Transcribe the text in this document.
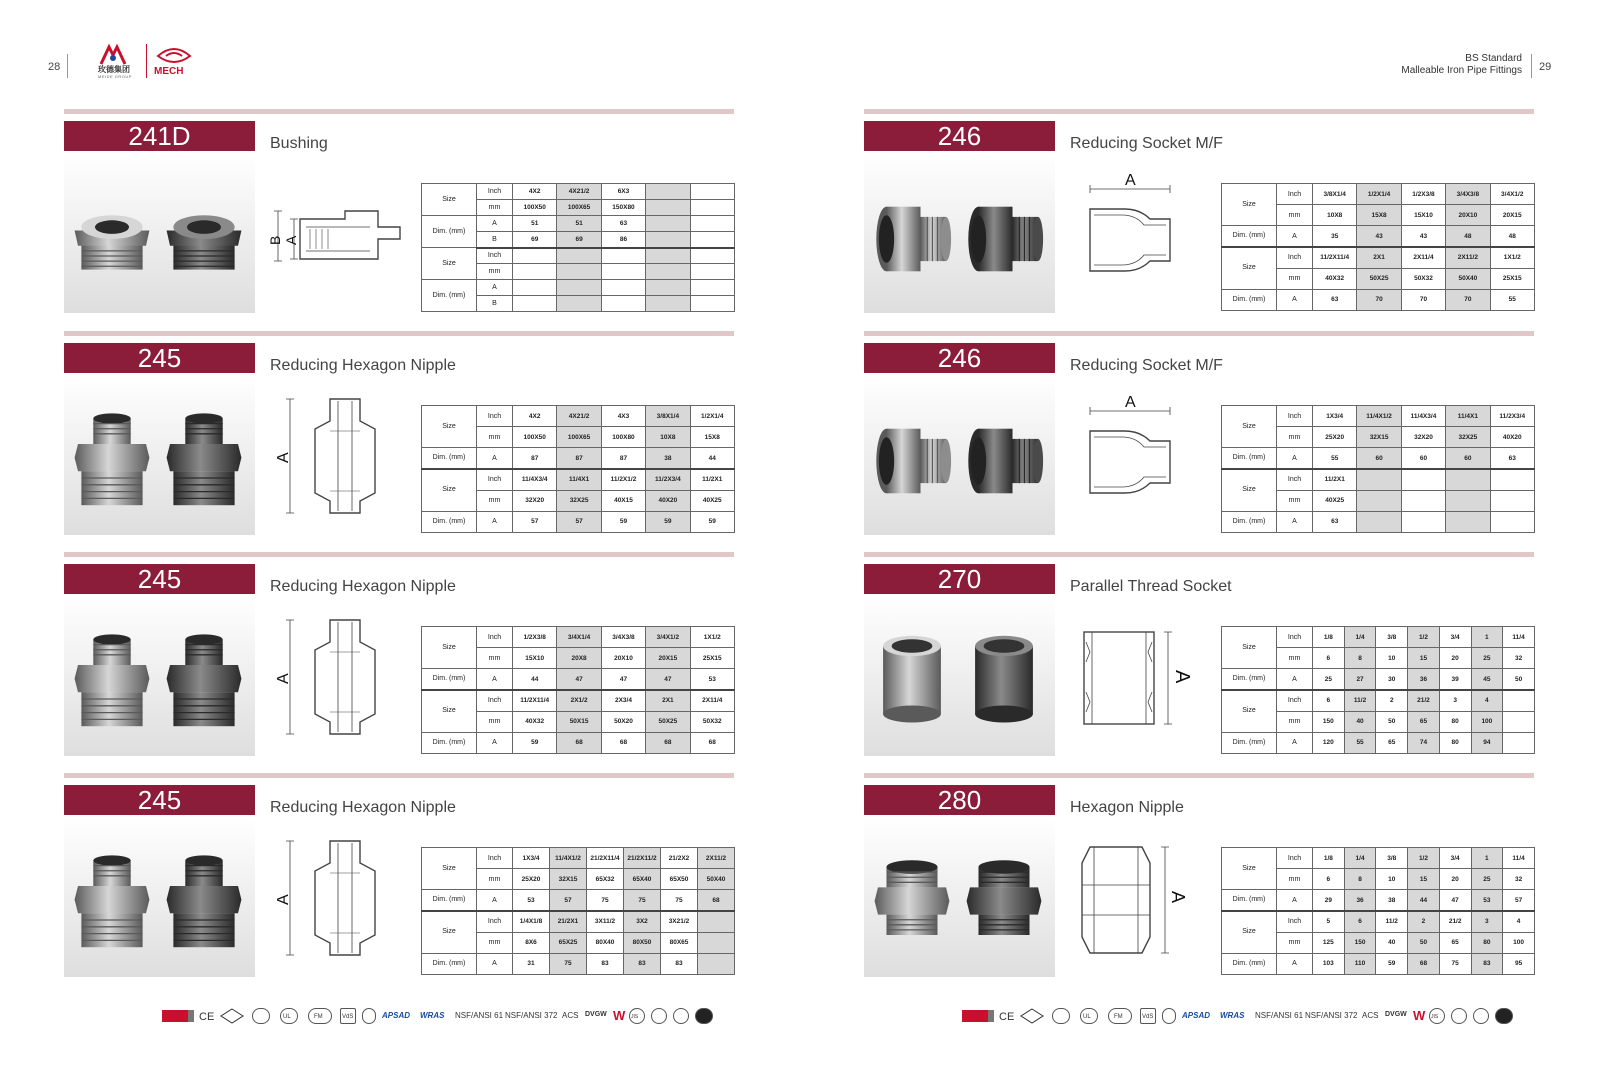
28	玫德集团
MEIDE GROUP MECH
BS Standard
Malleable Iron Pipe Fittings 29
241D	Bushing
B A
Size	Inch	4X2	4X21/2	6X3		
	mm	100X50	100X65	150X80		
Dim. (mm)	A	51	51	63		
	B	69	69	86		
Size	Inch					
	mm					
Dim. (mm)	A					
	B					
245	Reducing Hexagon Nipple
A
Size	Inch	4X2	4X21/2	4X3	3/8X1/4	1/2X1/4
	mm	100X50	100X65	100X80	10X8	15X8
Dim. (mm)	A	87	87	87	38	44
Size	Inch	11/4X3/4	11/4X1	11/2X1/2	11/2X3/4	11/2X1
	mm	32X20	32X25	40X15	40X20	40X25
Dim. (mm)	A	57	57	59	59	59
245	Reducing Hexagon Nipple
A
Size	Inch	1/2X3/8	3/4X1/4	3/4X3/8	3/4X1/2	1X1/2
	mm	15X10	20X8	20X10	20X15	25X15
Dim. (mm)	A	44	47	47	47	53
Size	Inch	11/2X11/4	2X1/2	2X3/4	2X1	2X11/4
	mm	40X32	50X15	50X20	50X25	50X32
Dim. (mm)	A	59	68	68	68	68
245	Reducing Hexagon Nipple
A
Size	Inch	1X3/4	11/4X1/2	21/2X11/4	21/2X11/2	21/2X2	2X11/2
	mm	25X20	32X15	65X32	65X40	65X50	50X40
Dim. (mm)	A	53	57	75	75	75	68
Size	Inch	1/4X1/8	21/2X1	3X11/2	3X2	3X21/2	
	mm	8X6	65X25	80X40	80X50	80X65	
Dim. (mm)	A	31	75	83	83	83	
246	Reducing Socket M/F
A
Size	Inch	3/8X1/4	1/2X1/4	1/2X3/8	3/4X3/8	3/4X1/2
	mm	10X8	15X8	15X10	20X10	20X15
Dim. (mm)	A	35	43	43	48	48
Size	Inch	11/2X11/4	2X1	2X11/4	2X11/2	1X1/2
	mm	40X32	50X25	50X32	50X40	25X15
Dim. (mm)	A	63	70	70	70	55
246	Reducing Socket M/F
A
Size	Inch	1X3/4	11/4X1/2	11/4X3/4	11/4X1	11/2X3/4
	mm	25X20	32X15	32X20	32X25	40X20
Dim. (mm)	A	55	60	60	60	63
Size	Inch	11/2X1				
	mm	40X25				
Dim. (mm)	A	63				
270	Parallel Thread Socket
A
Size	Inch	1/8	1/4	3/8	1/2	3/4	1	11/4
	mm	6	8	10	15	20	25	32
Dim. (mm)	A	25	27	30	36	39	45	50
Size	Inch	6	11/2	2	21/2	3	4	
	mm	150	40	50	65	80	100	
Dim. (mm)	A	120	55	65	74	80	94	
280	Hexagon Nipple
A
Size	Inch	1/8	1/4	3/8	1/2	3/4	1	11/4
	mm	6	8	10	15	20	25	32
Dim. (mm)	A	29	36	38	44	47	53	57
Size	Inch	5	6	11/2	2	21/2	3	4
	mm	125	150	40	50	65	80	100
Dim. (mm)	A	103	110	59	68	75	83	95
CE	UL	FM	VdS	APSAD WRAS NSF/ANSI 61 NSF/ANSI 372 ACS DVGW W JIS	CE	UL	FM	VdS	APSAD WRAS NSF/ANSI 61 NSF/ANSI 372 ACS DVGW W JIS
